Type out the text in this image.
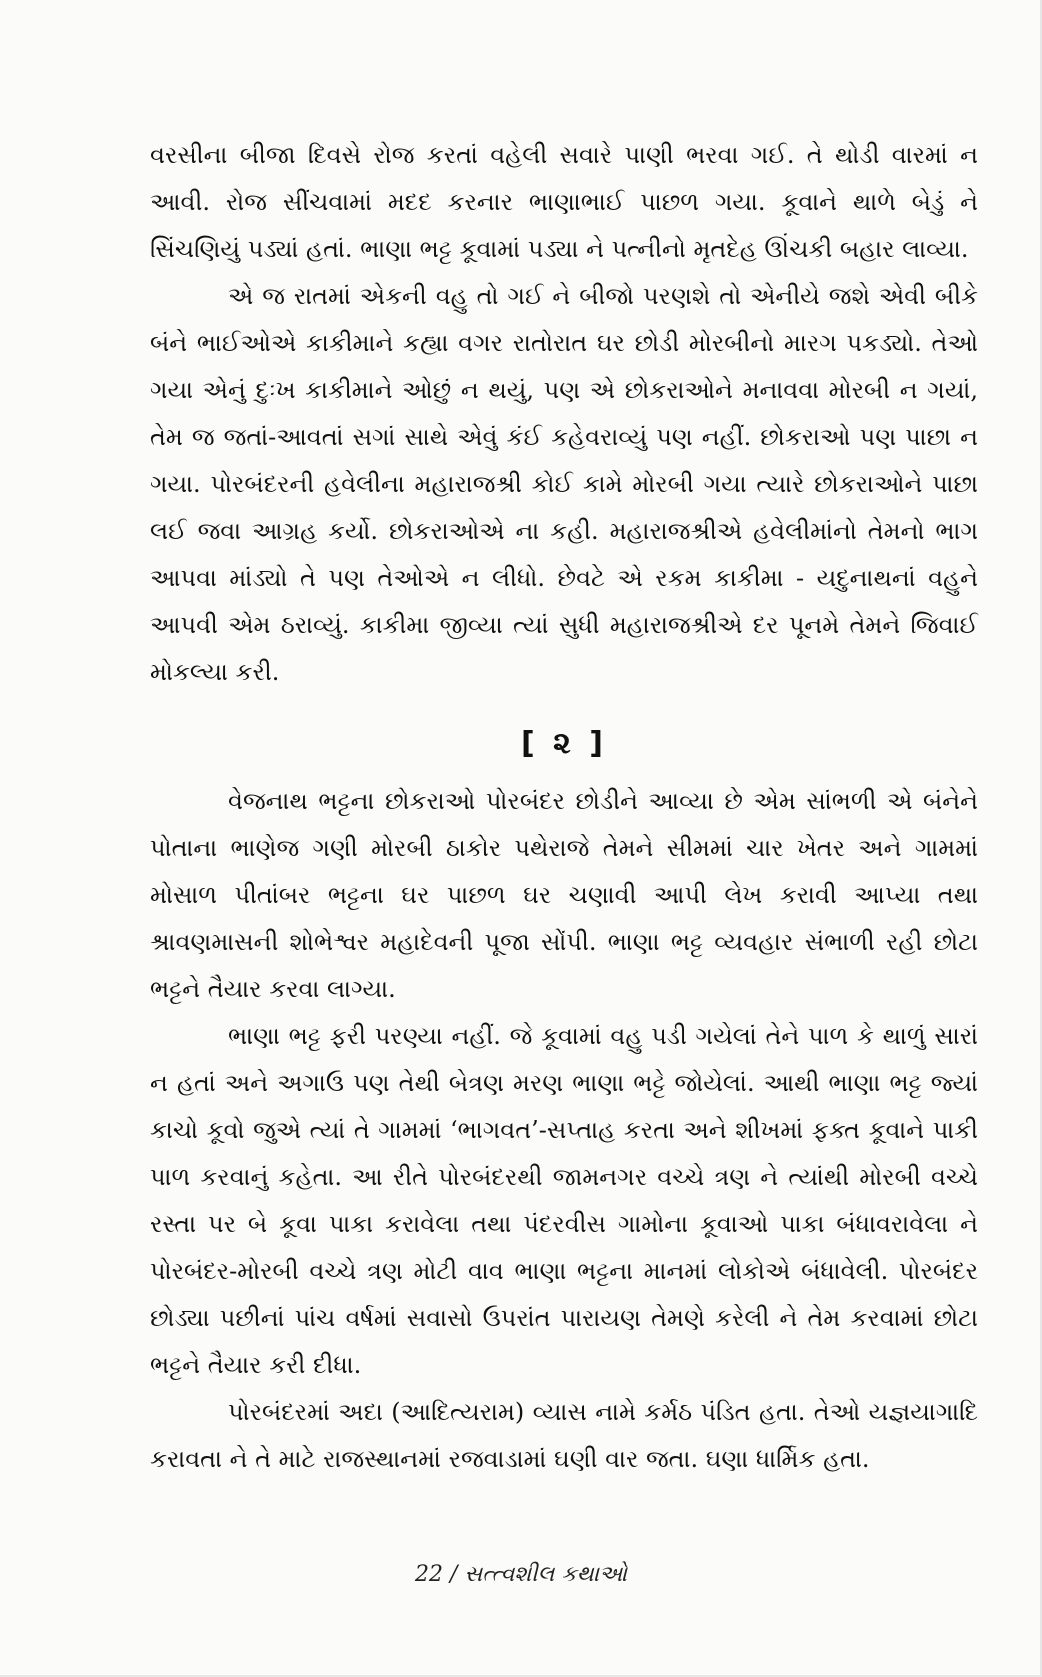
વરસીના બીજા દિવસે રોજ કરતાં વહેલી સવારે પાણી ભરવા ગઈ. તે થોડી વારમાં ન આવી. રોજ સીંચવામાં મદદ કરનાર ભાણાભાઈ પાછળ ગયા. કૂવાને થાળે બેડું ને સિંચણિયું પડ્યાં હતાં. ભાણા ભટ્ટ કૂવામાં પડ્યા ને પત્નીનો મૃતદેહ ઊંચકી બહાર લાવ્યા.

એ જ રાતમાં એકની વહુ તો ગઈ ને બીજો પરણશે તો એનીયે જશે એવી બીકે બંને ભાઈઓએ કાકીમાને કહ્યા વગર રાતોરાત ઘર છોડી મોરબીનો મારગ પકડ્યો. તેઓ ગયા એનું દુઃખ કાકીમાને ઓછું ન થયું, પણ એ છોકરાઓને મનાવવા મોરબી ન ગયાં, તેમ જ જતાં-આવતાં સગાં સાથે એવું કંઈ કહેવરાવ્યું પણ નહીં. છોકરાઓ પણ પાછા ન ગયા. પોરબંદરની હવેલીના મહારાજશ્રી કોઈ કામે મોરબી ગયા ત્યારે છોકરાઓને પાછા લઈ જવા આગ્રહ કર્યો. છોકરાઓએ ના કહી. મહારાજશ્રીએ હવેલીમાંનો તેમનો ભાગ આપવા માંડ્યો તે પણ તેઓએ ન લીધો. છેવટે એ રકમ કાકીમા - યદુનાથનાં વહુને આપવી એમ ઠરાવ્યું. કાકીમા જીવ્યા ત્યાં સુધી મહારાજશ્રીએ દર પૂનમે તેમને જિવાઈ મોકલ્યા કરી.

[ ૨ ]

વેજનાથ ભટ્ટના છોકરાઓ પોરબંદર છોડીને આવ્યા છે એમ સાંભળી એ બંનેને પોતાના ભાણેજ ગણી મોરબી ઠાકોર પથેરાજે તેમને સીમમાં ચાર ખેતર અને ગામમાં મોસાળ પીતાંબર ભટ્ટના ઘર પાછળ ઘર ચણાવી આપી લેખ કરાવી આપ્યા તથા શ્રાવણમાસની શોભેશ્વર મહાદેવની પૂજા સોંપી. ભાણા ભટ્ટ વ્યવહાર સંભાળી રહી છોટા ભટ્ટને તૈયાર કરવા લાગ્યા.

ભાણા ભટ્ટ ફરી પરણ્યા નહીં. જે કૂવામાં વહુ પડી ગયેલાં તેને પાળ કે થાળું સારાં ન હતાં અને અગાઉ પણ તેથી બેત્રણ મરણ ભાણા ભટ્ટે જોયેલાં. આથી ભાણા ભટ્ટ જ્યાં કાચો કૂવો જુએ ત્યાં તે ગામમાં ‘ભાગવત’-સપ્તાહ કરતા અને શીખમાં ફક્ત કૂવાને પાકી પાળ કરવાનું કહેતા. આ રીતે પોરબંદરથી જામનગર વચ્ચે ત્રણ ને ત્યાંથી મોરબી વચ્ચે રસ્તા પર બે કૂવા પાકા કરાવેલા તથા પંદરવીસ ગામોના કૂવાઓ પાકા બંધાવરાવેલા ને પોરબંદર-મોરબી વચ્ચે ત્રણ મોટી વાવ ભાણા ભટ્ટના માનમાં લોકોએ બંધાવેલી. પોરબંદર છોડ્યા પછીનાં પાંચ વર્ષમાં સવાસો ઉપરાંત પારાયણ તેમણે કરેલી ને તેમ કરવામાં છોટા ભટ્ટને તૈયાર કરી દીધા.

પોરબંદરમાં અદા (આદિત્યરામ) વ્યાસ નામે કર્મઠ પંડિત હતા. તેઓ યજ્ઞયાગાદિ કરાવતા ને તે માટે રાજસ્થાનમાં રજવાડામાં ઘણી વાર જતા. ઘણા ધાર્મિક હતા.

22 / સત્ત્વશીલ કથાઓ
